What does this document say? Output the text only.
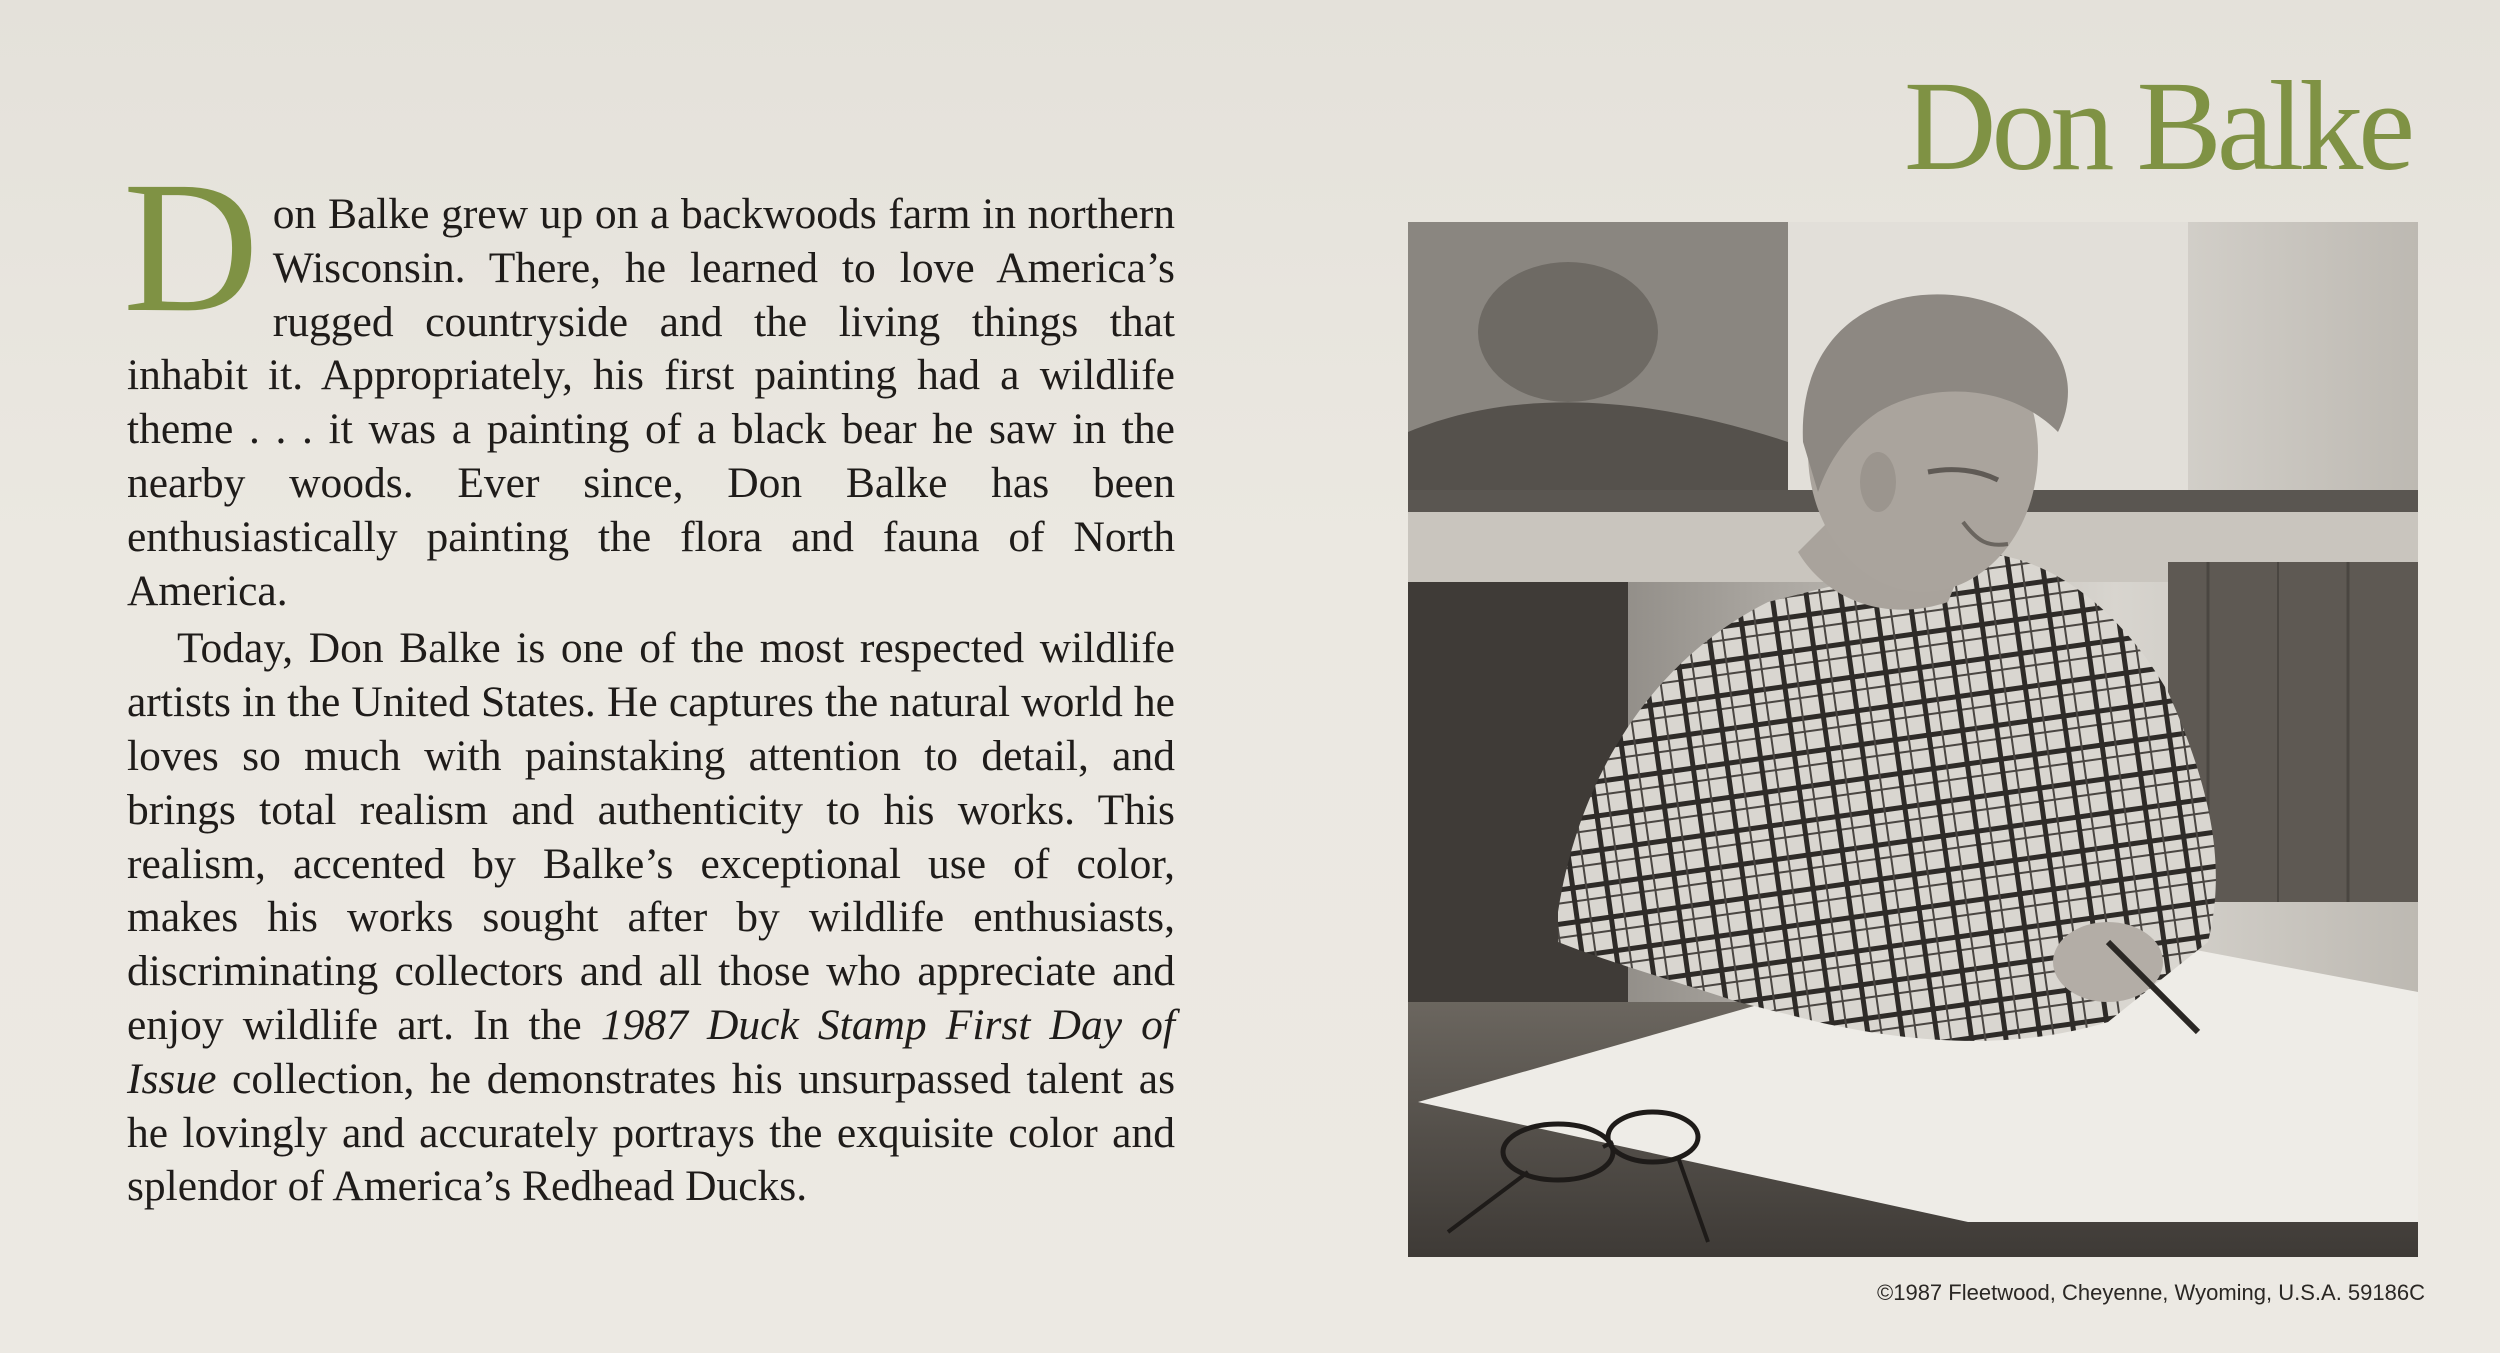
Don Balke

Don Balke grew up on a backwoods farm in northern Wisconsin. There, he learned to love America’s rugged countryside and the living things that inhabit it. Appropriately, his first painting had a wildlife theme . . . it was a painting of a black bear he saw in the nearby woods. Ever since, Don Balke has been enthusiastically painting the flora and fauna of North America.

Today, Don Balke is one of the most respected wildlife artists in the United States. He captures the natural world he loves so much with painstaking attention to detail, and brings total realism and authenticity to his works. This realism, accented by Balke’s exceptional use of color, makes his works sought after by wildlife enthusiasts, discriminating collectors and all those who appreciate and enjoy wildlife art. In the 1987 Duck Stamp First Day of Issue collection, he demonstrates his unsurpassed talent as he lovingly and accurately portrays the exquisite color and splendor of America’s Redhead Ducks.

©1987 Fleetwood, Cheyenne, Wyoming, U.S.A. 59186C
